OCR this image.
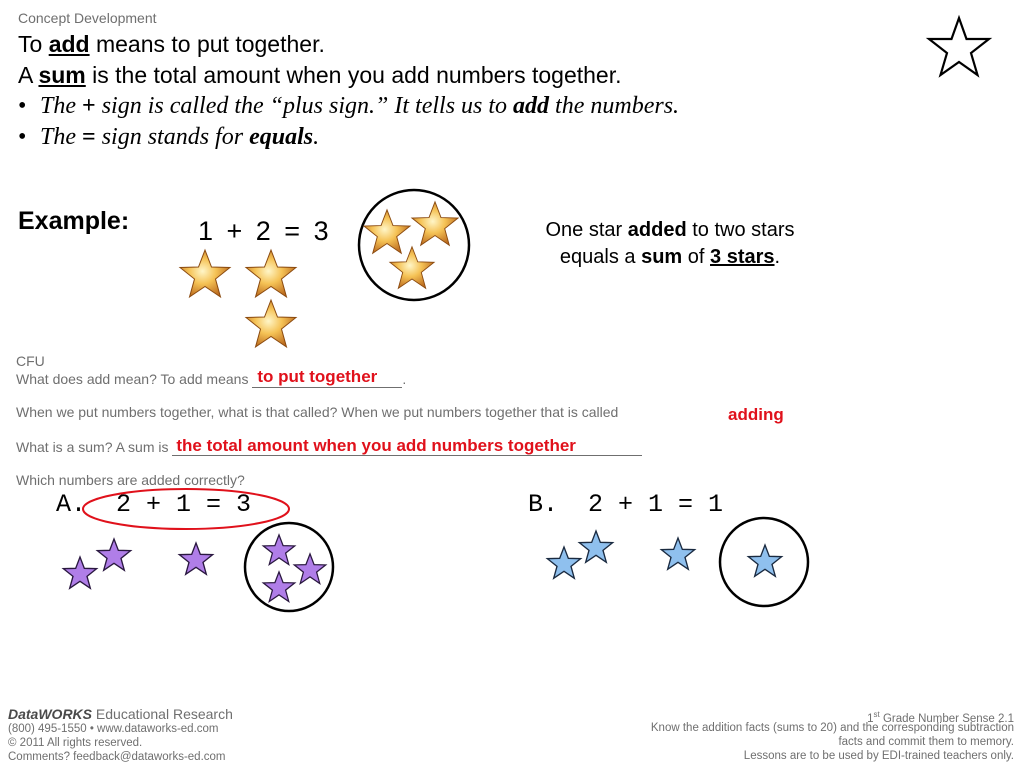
Concept Development
To add means to put together.
A sum is the total amount when you add numbers together.
• The + sign is called the “plus sign.” It tells us to add the numbers.
• The = sign stands for equals.
Example:	1 + 2 = 3	One star added to two stars
equals a sum of 3 stars.
CFU
What does add mean? To add means to put together .
When we put numbers together, what is that called? When we put numbers together that is called	adding
What is a sum? A sum is the total amount when you add numbers together

Which numbers are added correctly?
A.  2 + 1 = 3	B.  2 + 1 = 1
DataWORKS Educational Research
(800) 495-1550 • www.dataworks-ed.com
© 2011 All rights reserved.
Comments? feedback@dataworks-ed.com
1st Grade Number Sense 2.1
Know the addition facts (sums to 20) and the corresponding subtraction
facts and commit them to memory.
Lessons are to be used by EDI-trained teachers only.
